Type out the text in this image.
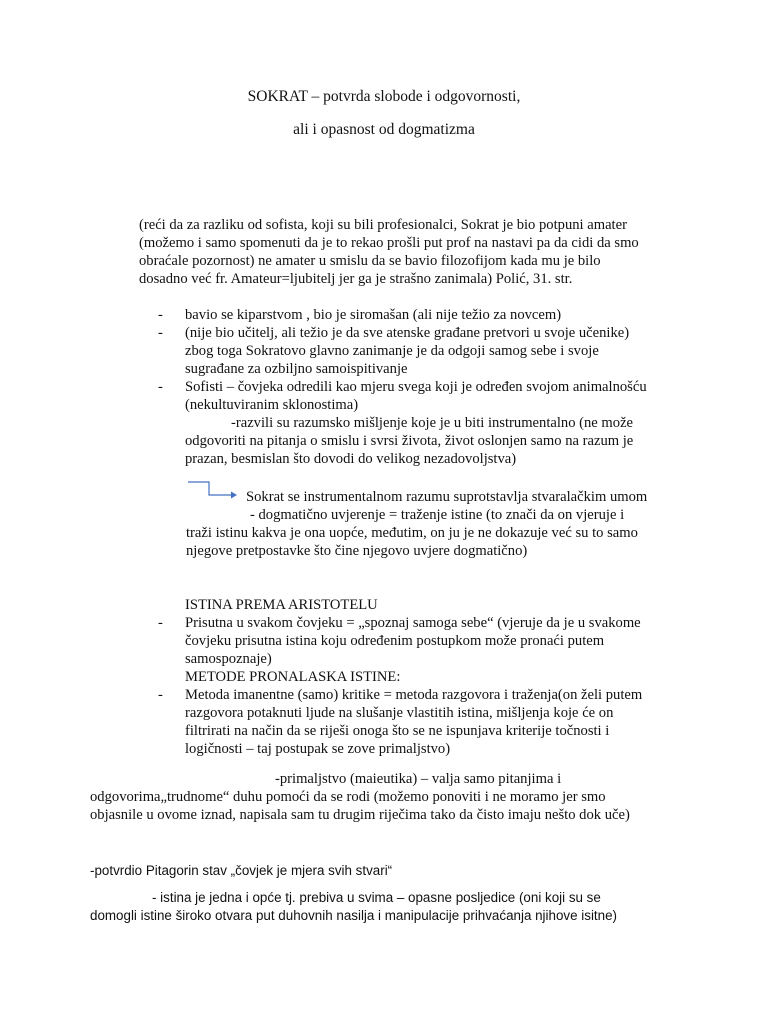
SOKRAT – potvrda slobode i odgovornosti,
ali i opasnost od dogmatizma
(reći da za razliku od sofista, koji su bili profesionalci, Sokrat je bio potpuni amater
(možemo i samo spomenuti da je to rekao prošli put prof na nastavi pa da cidi da smo
obraćale pozornost) ne amater u smislu da se bavio filozofijom kada mu je bilo
dosadno već fr. Amateur=ljubitelj jer ga je strašno zanimala) Polić, 31. str.
- bavio se kiparstvom , bio je siromašan (ali nije težio za novcem)
- (nije bio učitelj, ali težio je da sve atenske građane pretvori u svoje učenike)
zbog toga Sokratovo glavno zanimanje je da odgoji samog sebe i svoje
sugrađane za ozbiljno samoispitivanje
- Sofisti – čovjeka odredili kao mjeru svega koji je određen svojom animalnošću
(nekultuviranim sklonostima)
-razvili su razumsko mišljenje koje je u biti instrumentalno (ne može
odgovoriti na pitanja o smislu i svrsi života, život oslonjen samo na razum je
prazan, besmislan što dovodi do velikog nezadovoljstva)
Sokrat se instrumentalnom razumu suprotstavlja stvaralačkim umom
- dogmatično uvjerenje = traženje istine (to znači da on vjeruje i
traži istinu kakva je ona uopće, međutim, on ju je ne dokazuje već su to samo
njegove pretpostavke što čine njegovo uvjere dogmatično)
ISTINA PREMA ARISTOTELU
- Prisutna u svakom čovjeku = „spoznaj samoga sebe“ (vjeruje da je u svakome
čovjeku prisutna istina koju određenim postupkom može pronaći putem
samospoznaje)
METODE PRONALASKA ISTINE:
- Metoda imanentne (samo) kritike = metoda razgovora i traženja(on želi putem
razgovora potaknuti ljude na slušanje vlastitih istina, mišljenja koje će on
filtrirati na način da se riješi onoga što se ne ispunjava kriterije točnosti i
logičnosti – taj postupak se zove primaljstvo)
-primaljstvo (maieutika) – valja samo pitanjima i
odgovorima„trudnome“ duhu pomoći da se rodi (možemo ponoviti i ne moramo jer smo
objasnile u ovome iznad, napisala sam tu drugim riječima tako da čisto imaju nešto dok uče)
-potvrdio Pitagorin stav „čovjek je mjera svih stvari“
- istina je jedna i opće tj. prebiva u svima – opasne posljedice (oni koji su se
domogli istine široko otvara put duhovnih nasilja i manipulacije prihvaćanja njihove isitne)
